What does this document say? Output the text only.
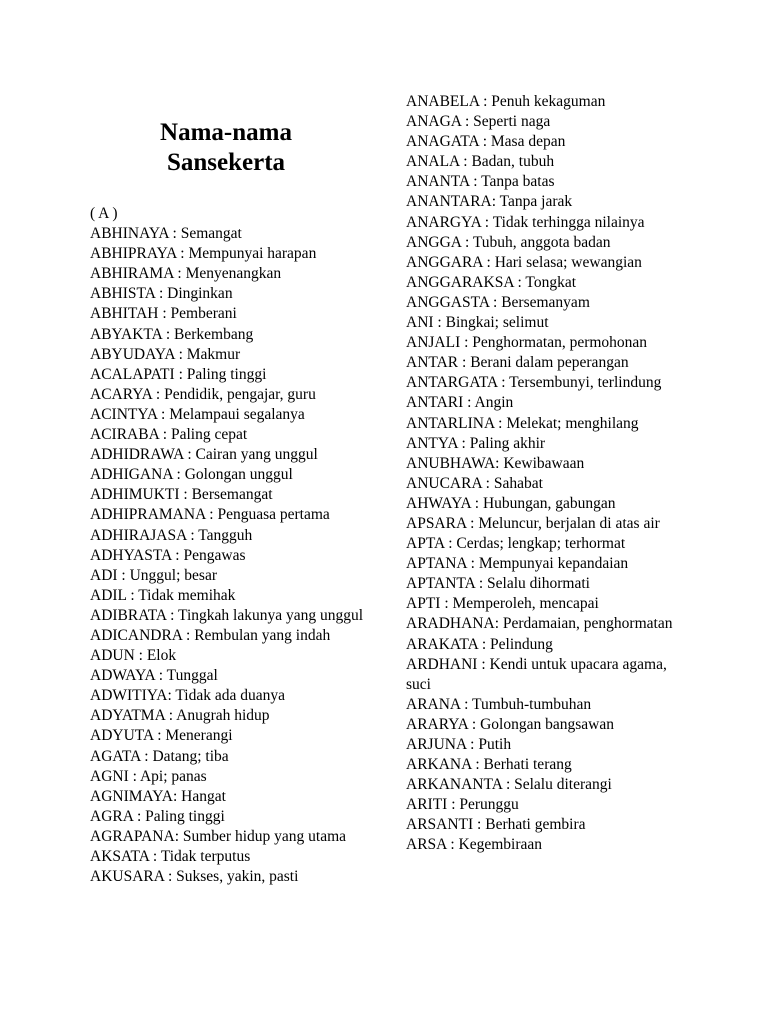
Nama-nama
Sansekerta
( A )
ABHINAYA : Semangat
ABHIPRAYA : Mempunyai harapan
ABHIRAMA : Menyenangkan
ABHISTA : Dinginkan
ABHITAH : Pemberani
ABYAKTA : Berkembang
ABYUDAYA : Makmur
ACALAPATI : Paling tinggi
ACARYA : Pendidik, pengajar, guru
ACINTYA : Melampaui segalanya
ACIRABA : Paling cepat
ADHIDRAWA : Cairan yang unggul
ADHIGANA : Golongan unggul
ADHIMUKTI : Bersemangat
ADHIPRAMANA : Penguasa pertama
ADHIRAJASA : Tangguh
ADHYASTA : Pengawas
ADI : Unggul; besar
ADIL : Tidak memihak
ADIBRATA : Tingkah lakunya yang unggul
ADICANDRA : Rembulan yang indah
ADUN : Elok
ADWAYA : Tunggal
ADWITIYA: Tidak ada duanya
ADYATMA : Anugrah hidup
ADYUTA : Menerangi
AGATA : Datang; tiba
AGNI : Api; panas
AGNIMAYA: Hangat
AGRA : Paling tinggi
AGRAPANA: Sumber hidup yang utama
AKSATA : Tidak terputus
AKUSARA : Sukses, yakin, pasti
ANABELA : Penuh kekaguman
ANAGA : Seperti naga
ANAGATA : Masa depan
ANALA : Badan, tubuh
ANANTA : Tanpa batas
ANANTARA: Tanpa jarak
ANARGYA : Tidak terhingga nilainya
ANGGA : Tubuh, anggota badan
ANGGARA : Hari selasa; wewangian
ANGGARAKSA : Tongkat
ANGGASTA : Bersemanyam
ANI : Bingkai; selimut
ANJALI : Penghormatan, permohonan
ANTAR : Berani dalam peperangan
ANTARGATA : Tersembunyi, terlindung
ANTARI : Angin
ANTARLINA : Melekat; menghilang
ANTYA : Paling akhir
ANUBHAWA: Kewibawaan
ANUCARA : Sahabat
AHWAYA : Hubungan, gabungan
APSARA : Meluncur, berjalan di atas air
APTA : Cerdas; lengkap; terhormat
APTANA : Mempunyai kepandaian
APTANTA : Selalu dihormati
APTI : Memperoleh, mencapai
ARADHANA: Perdamaian, penghormatan
ARAKATA : Pelindung
ARDHANI : Kendi untuk upacara agama, suci
ARANA : Tumbuh-tumbuhan
ARARYA : Golongan bangsawan
ARJUNA : Putih
ARKANA : Berhati terang
ARKANANTA : Selalu diterangi
ARITI : Perunggu
ARSANTI : Berhati gembira
ARSA : Kegembiraan
